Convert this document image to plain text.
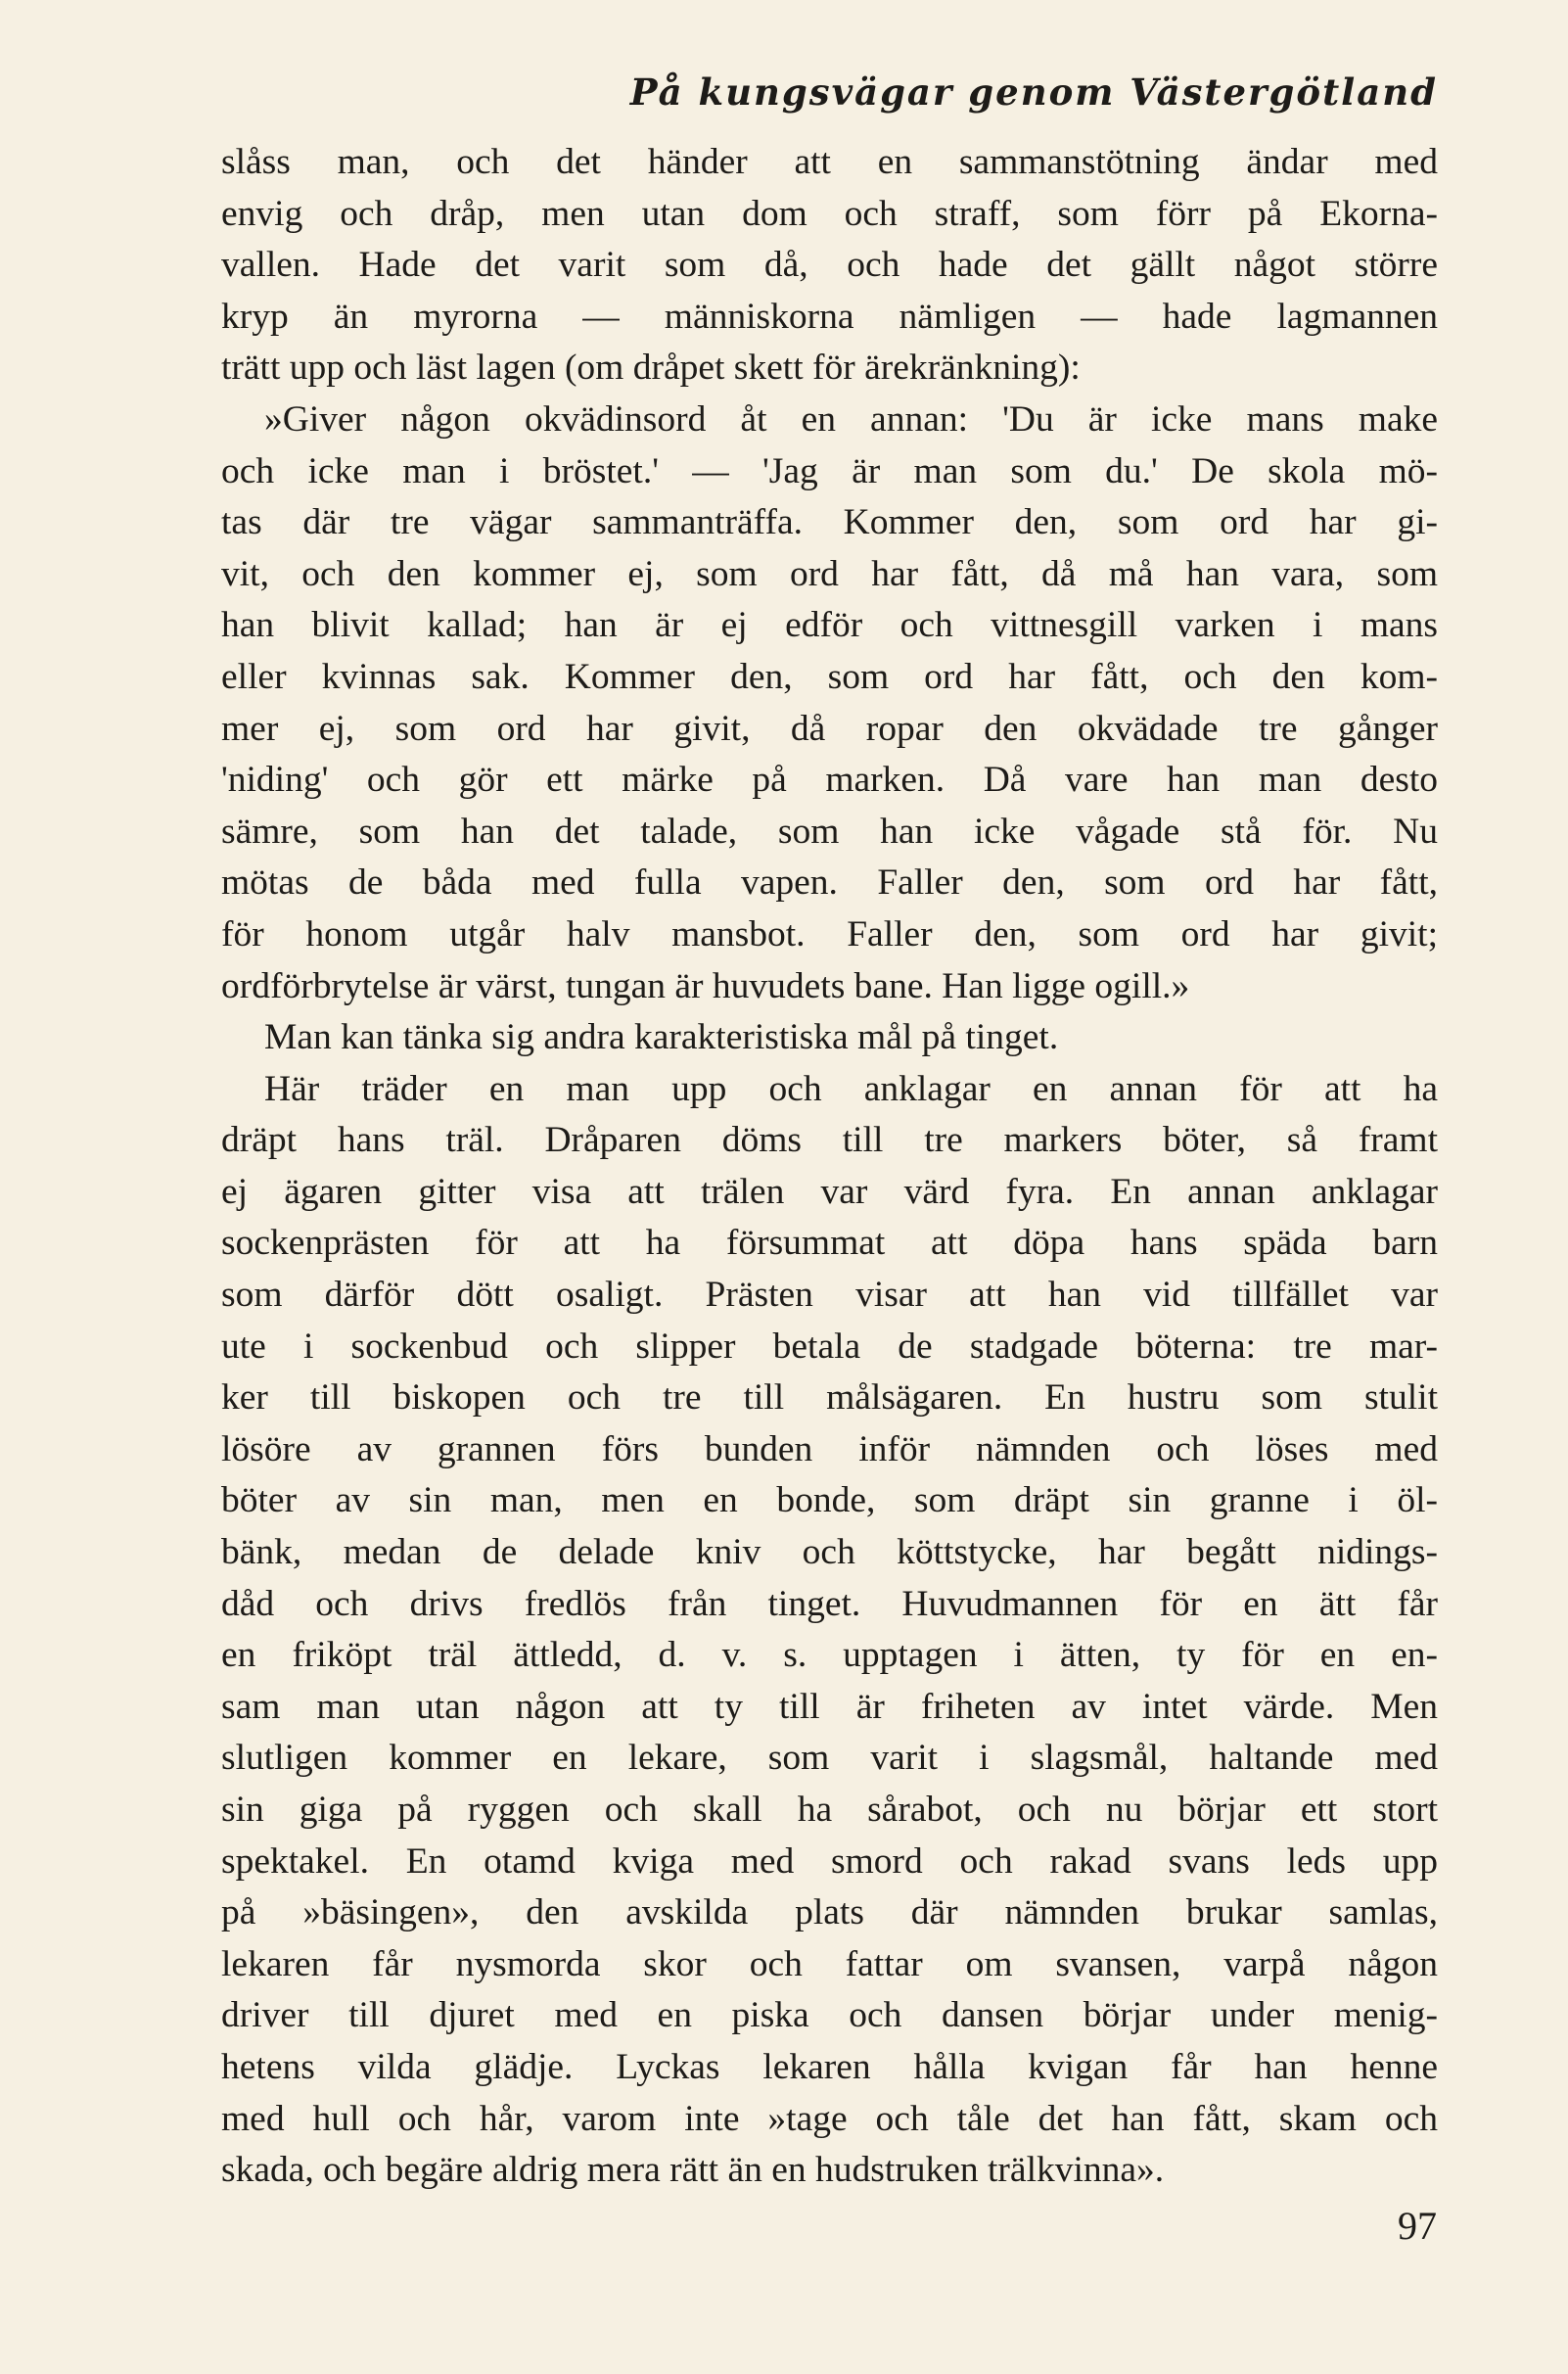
På kungsvägar genom Västergötland
slåss man, och det händer att en sammanstötning ändar med
envig och dråp, men utan dom och straff, som förr på Ekorna-
vallen. Hade det varit som då, och hade det gällt något större
kryp än myrorna — människorna nämligen — hade lagmannen
trätt upp och läst lagen (om dråpet skett för ärekränkning):
»Giver någon okvädinsord åt en annan: 'Du är icke mans make
och icke man i bröstet.' — 'Jag är man som du.' De skola mö-
tas där tre vägar sammanträffa. Kommer den, som ord har gi-
vit, och den kommer ej, som ord har fått, då må han vara, som
han blivit kallad; han är ej edför och vittnesgill varken i mans
eller kvinnas sak. Kommer den, som ord har fått, och den kom-
mer ej, som ord har givit, då ropar den okvädade tre gånger
'niding' och gör ett märke på marken. Då vare han man desto
sämre, som han det talade, som han icke vågade stå för. Nu
mötas de båda med fulla vapen. Faller den, som ord har fått,
för honom utgår halv mansbot. Faller den, som ord har givit;
ordförbrytelse är värst, tungan är huvudets bane. Han ligge ogill.»
Man kan tänka sig andra karakteristiska mål på tinget.
Här träder en man upp och anklagar en annan för att ha
dräpt hans träl. Dråparen döms till tre markers böter, så framt
ej ägaren gitter visa att trälen var värd fyra. En annan anklagar
sockenprästen för att ha försummat att döpa hans späda barn
som därför dött osaligt. Prästen visar att han vid tillfället var
ute i sockenbud och slipper betala de stadgade böterna: tre mar-
ker till biskopen och tre till målsägaren. En hustru som stulit
lösöre av grannen förs bunden inför nämnden och löses med
böter av sin man, men en bonde, som dräpt sin granne i öl-
bänk, medan de delade kniv och köttstycke, har begått nidings-
dåd och drivs fredlös från tinget. Huvudmannen för en ätt får
en friköpt träl ättledd, d. v. s. upptagen i ätten, ty för en en-
sam man utan någon att ty till är friheten av intet värde. Men
slutligen kommer en lekare, som varit i slagsmål, haltande med
sin giga på ryggen och skall ha sårabot, och nu börjar ett stort
spektakel. En otamd kviga med smord och rakad svans leds upp
på »bäsingen», den avskilda plats där nämnden brukar samlas,
lekaren får nysmorda skor och fattar om svansen, varpå någon
driver till djuret med en piska och dansen börjar under menig-
hetens vilda glädje. Lyckas lekaren hålla kvigan får han henne
med hull och hår, varom inte »tage och tåle det han fått, skam och
skada, och begäre aldrig mera rätt än en hudstruken trälkvinna».
97
